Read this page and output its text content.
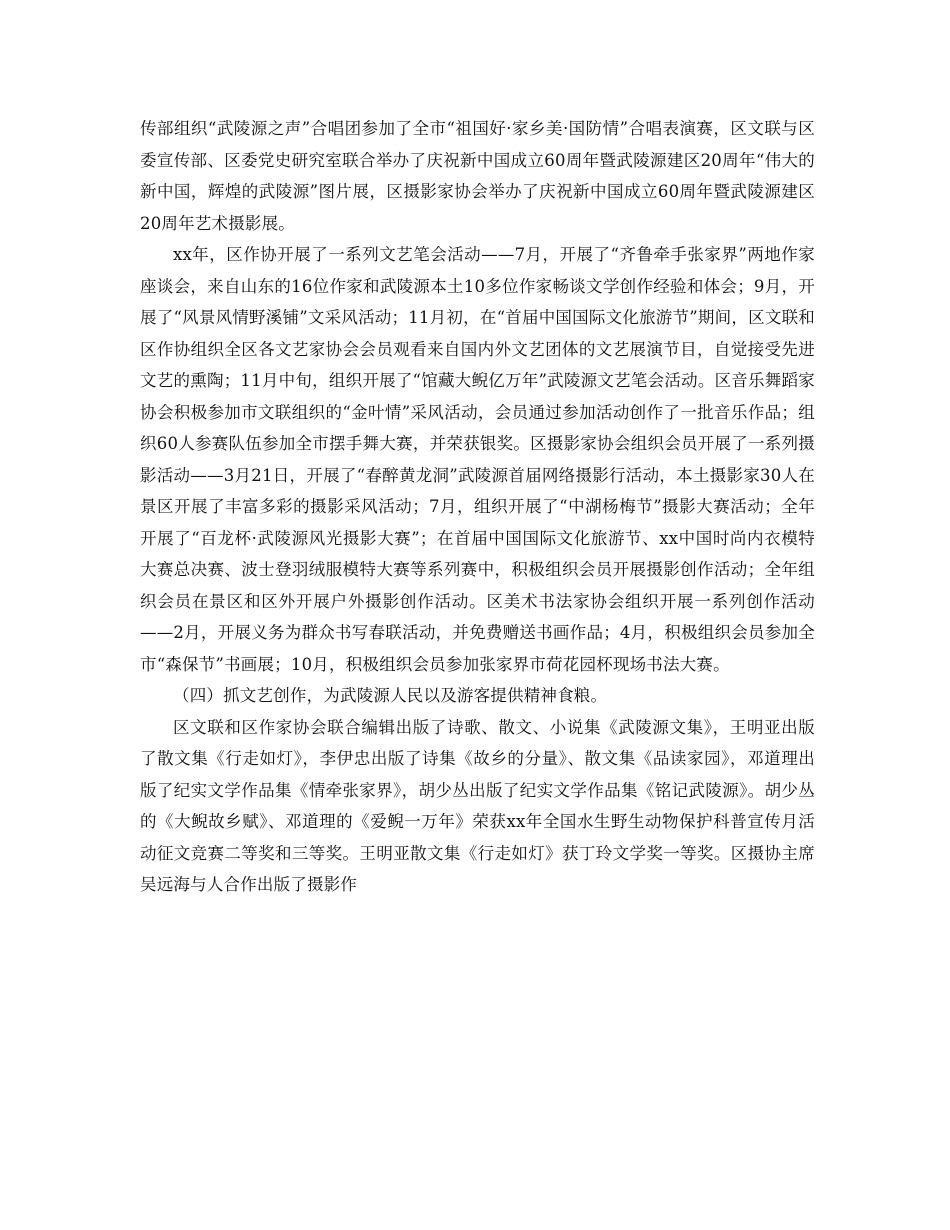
传部组织“武陵源之声”合唱团参加了全市“祖国好·家乡美·国防情”合唱表演赛，区文联与区委宣传部、区委党史研究室联合举办了庆祝新中国成立60周年暨武陵源建区20周年“伟大的新中国，辉煌的武陵源”图片展，区摄影家协会举办了庆祝新中国成立60周年暨武陵源建区20周年艺术摄影展。

xx年，区作协开展了一系列文艺笔会活动——7月，开展了“齐鲁牵手张家界”两地作家座谈会，来自山东的16位作家和武陵源本土10多位作家畅谈文学创作经验和体会；9月，开展了“风景风情野溪铺”文采风活动；11月初，在“首届中国国际文化旅游节”期间，区文联和区作协组织全区各文艺家协会会员观看来自国内外文艺团体的文艺展演节目，自觉接受先进文艺的熏陶；11月中旬，组织开展了“馆藏大鲵亿万年”武陵源文艺笔会活动。区音乐舞蹈家协会积极参加市文联组织的“金叶情”采风活动，会员通过参加活动创作了一批音乐作品；组织60人参赛队伍参加全市摆手舞大赛，并荣获银奖。区摄影家协会组织会员开展了一系列摄影活动——3月21日，开展了“春醉黄龙洞”武陵源首届网络摄影行活动，本土摄影家30人在景区开展了丰富多彩的摄影采风活动；7月，组织开展了“中湖杨梅节”摄影大赛活动；全年开展了“百龙杯·武陵源风光摄影大赛”；在首届中国国际文化旅游节、xx中国时尚内衣模特大赛总决赛、波士登羽绒服模特大赛等系列赛中，积极组织会员开展摄影创作活动；全年组织会员在景区和区外开展户外摄影创作活动。区美术书法家协会组织开展一系列创作活动——2月，开展义务为群众书写春联活动，并免费赠送书画作品；4月，积极组织会员参加全市“森保节”书画展；10月，积极组织会员参加张家界市荷花园杯现场书法大赛。

（四）抓文艺创作，为武陵源人民以及游客提供精神食粮。

区文联和区作家协会联合编辑出版了诗歌、散文、小说集《武陵源文集》，王明亚出版了散文集《行走如灯》，李伊忠出版了诗集《故乡的分量》、散文集《品读家园》，邓道理出版了纪实文学作品集《情牵张家界》，胡少丛出版了纪实文学作品集《铭记武陵源》。胡少丛的《大鲵故乡赋》、邓道理的《爱鲵一万年》荣获xx年全国水生野生动物保护科普宣传月活动征文竞赛二等奖和三等奖。王明亚散文集《行走如灯》获丁玲文学奖一等奖。区摄协主席吴远海与人合作出版了摄影作
